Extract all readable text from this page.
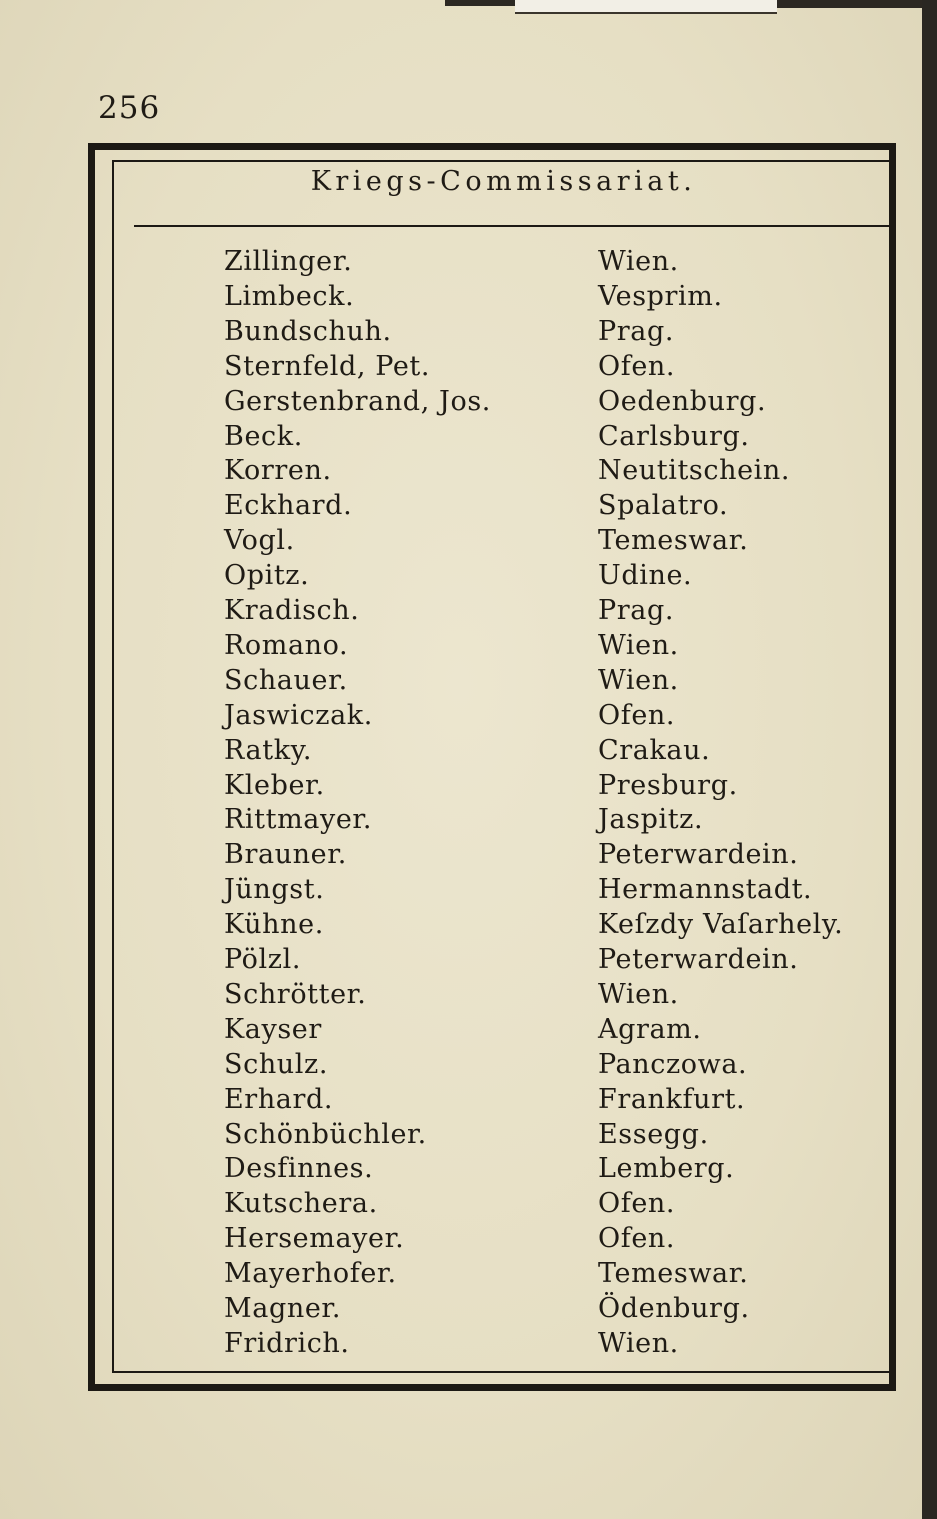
256
Kriegs-Commissariat.
Zillinger.	Wien.
Limbeck.	Vesprim.
Bundschuh.	Prag.
Sternfeld, Pet.	Ofen.
Gerstenbrand, Jos.	Oedenburg.
Beck.	Carlsburg.
Korren.	Neutitschein.
Eckhard.	Spalatro.
Vogl.	Temeswar.
Opitz.	Udine.
Kradisch.	Prag.
Romano.	Wien.
Schauer.	Wien.
Jaswiczak.	Ofen.
Ratky.	Crakau.
Kleber.	Presburg.
Rittmayer.	Jaspitz.
Brauner.	Peterwardein.
Jüngst.	Hermannstadt.
Kühne.	Keſzdy Vaſarhely.
Pölzl.	Peterwardein.
Schrötter.	Wien.
Kayser	Agram.
Schulz.	Panczowa.
Erhard.	Frankfurt.
Schönbüchler.	Essegg.
Desfinnes.	Lemberg.
Kutschera.	Ofen.
Hersemayer.	Ofen.
Mayerhofer.	Temeswar.
Magner.	Ödenburg.
Fridrich.	Wien.
